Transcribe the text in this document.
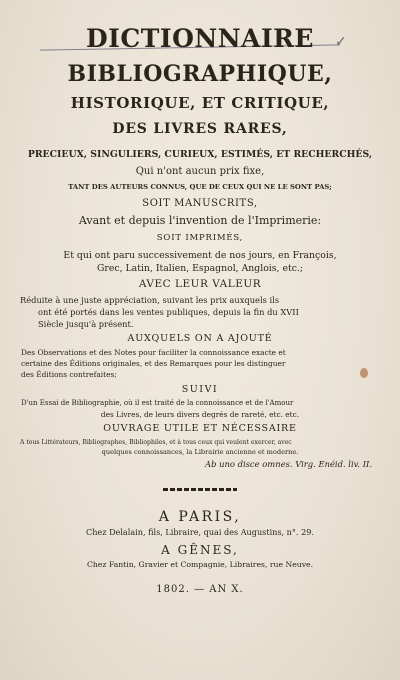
✓

DICTIONNAIRE

BIBLIOGRAPHIQUE,

HISTORIQUE, ET CRITIQUE,

DES LIVRES RARES,

PRECIEUX, SINGULIERS, CURIEUX, ESTIMÉS, ET RECHERCHÉS,

Qui n'ont aucun prix fixe,

TANT DES AUTEURS CONNUS, QUE DE CEUX QUI NE LE SONT PAS;

SOIT MANUSCRITS,

Avant et depuis l'invention de l'Imprimerie:

SOIT IMPRIMÉS,

Et qui ont paru successivement de nos jours, en François,

Grec, Latin, Italien, Espagnol, Anglois, etc.;

AVEC LEUR VALEUR

Réduite à une juste appréciation, suivant les prix auxquels ils

ont été portés dans les ventes publiques, depuis la fin du XVII

Siècle jusqu'à présent.

AUXQUELS ON A AJOUTÉ

Des Observations et des Notes pour faciliter la connoissance exacte et

certaine des Éditions originales, et des Remarques pour les distinguer

des Éditions contrefaites;

SUIVI

D'un Essai de Bibliographie, où il est traité de la connoissance et de l'Amour

des Livres, de leurs divers degrés de rareté, etc. etc.

OUVRAGE UTILE ET NÉCESSAIRE

A tous Littérateurs, Bibliographes, Bibliophiles, et à tous ceux qui veulent exercer, avec

quelques connoissances, la Librairie ancienne et moderne.

Ab uno disce omnes. Virg. Enéid. liv. II.

A PARIS,

Chez Delalain, fils, Libraire, quai des Augustins, n°. 29.

A GÊNES,

Chez Fantin, Gravier et Compagnie, Libraires, rue Neuve.

1802. — AN X.
